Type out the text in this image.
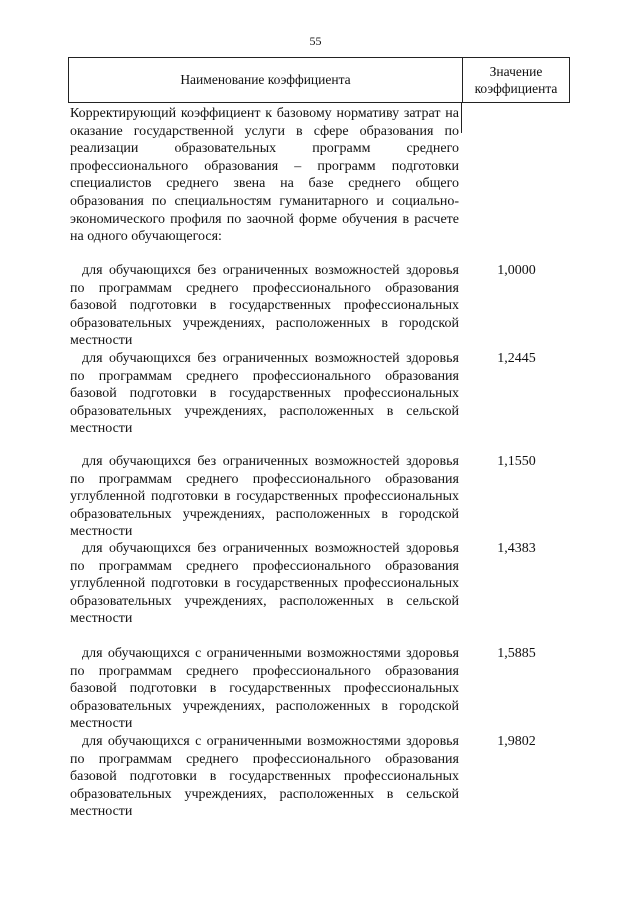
55
Наименование коэффициента
Значение коэффициента
Корректирующий коэффициент к базовому нормативу затрат на оказание государственной услуги в сфере образования по реализации образовательных программ среднего профессионального образования – программ подготовки специалистов среднего звена на базе среднего общего образования по специальностям гуманитарного и социально-экономического профиля по заочной форме обучения в расчете на одного обучающегося:
для обучающихся без ограниченных возможностей здоровья по программам среднего профессионального образования базовой подготовки в государственных профессиональных образовательных учреждениях, расположенных в городской местности
1,0000
для обучающихся без ограниченных возможностей здоровья по программам среднего профессионального образования базовой подготовки в государственных профессиональных образовательных учреждениях, расположенных в сельской местности
1,2445
для обучающихся без ограниченных возможностей здоровья по программам среднего профессионального образования углубленной подготовки в государственных профессиональных образовательных учреждениях, расположенных в городской местности
1,1550
для обучающихся без ограниченных возможностей здоровья по программам среднего профессионального образования углубленной подготовки в государственных профессиональных образовательных учреждениях, расположенных в сельской местности
1,4383
для обучающихся с ограниченными возможностями здоровья по программам среднего профессионального образования базовой подготовки в государственных профессиональных образовательных учреждениях, расположенных в городской местности
1,5885
для обучающихся с ограниченными возможностями здоровья по программам среднего профессионального образования базовой подготовки в государственных профессиональных образовательных учреждениях, расположенных в сельской местности
1,9802
